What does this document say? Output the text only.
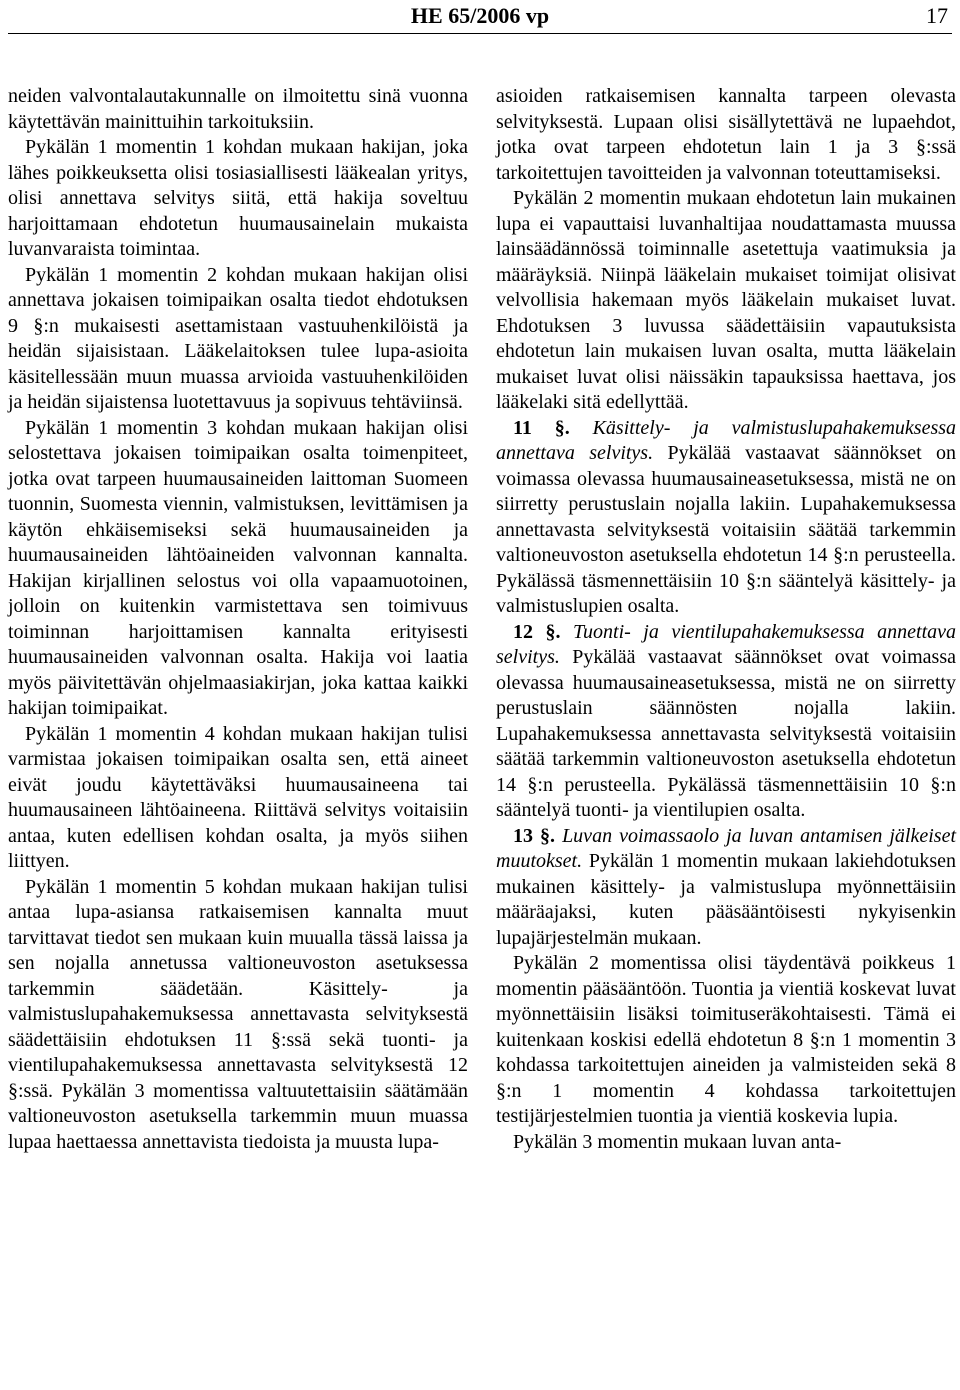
HE 65/2006 vp	17

neiden valvontalautakunnalle on ilmoitettu sinä vuonna käytettävän mainittuihin tarkoituksiin.

Pykälän 1 momentin 1 kohdan mukaan hakijan, joka lähes poikkeuksetta olisi tosiasiallisesti lääkealan yritys, olisi annettava selvitys siitä, että hakija soveltuu harjoittamaan ehdotetun huumausainelain mukaista luvanvaraista toimintaa.

Pykälän 1 momentin 2 kohdan mukaan hakijan olisi annettava jokaisen toimipaikan osalta tiedot ehdotuksen 9 §:n mukaisesti asettamistaan vastuuhenkilöistä ja heidän sijaisistaan. Lääkelaitoksen tulee lupa-asioita käsitellessään muun muassa arvioida vastuuhenkilöiden ja heidän sijaistensa luotettavuus ja sopivuus tehtäviinsä.

Pykälän 1 momentin 3 kohdan mukaan hakijan olisi selostettava jokaisen toimipaikan osalta toimenpiteet, jotka ovat tarpeen huumausaineiden laittoman Suomeen tuonnin, Suomesta viennin, valmistuksen, levittämisen ja käytön ehkäisemiseksi sekä huumausaineiden ja huumausaineiden lähtöaineiden valvonnan kannalta. Hakijan kirjallinen selostus voi olla vapaamuotoinen, jolloin on kuitenkin varmistettava sen toimivuus toiminnan harjoittamisen kannalta erityisesti huumausaineiden valvonnan osalta. Hakija voi laatia myös päivitettävän ohjelmaasiakirjan, joka kattaa kaikki hakijan toimipaikat.

Pykälän 1 momentin 4 kohdan mukaan hakijan tulisi varmistaa jokaisen toimipaikan osalta sen, että aineet eivät joudu käytettäväksi huumausaineena tai huumausaineen lähtöaineena. Riittävä selvitys voitaisiin antaa, kuten edellisen kohdan osalta, ja myös siihen liittyen.

Pykälän 1 momentin 5 kohdan mukaan hakijan tulisi antaa lupa-asiansa ratkaisemisen kannalta muut tarvittavat tiedot sen mukaan kuin muualla tässä laissa ja sen nojalla annetussa valtioneuvoston asetuksessa tarkemmin säädetään. Käsittely- ja valmistuslupahakemuksessa annettavasta selvityksestä säädettäisiin ehdotuksen 11 §:ssä sekä tuonti- ja vientilupahakemuksessa annettavasta selvityksestä 12 §:ssä. Pykälän 3 momentissa valtuutettaisiin säätämään valtioneuvoston asetuksella tarkemmin muun muassa lupaa haettaessa annettavista tiedoista ja muusta lupa-

asioiden ratkaisemisen kannalta tarpeen olevasta selvityksestä. Lupaan olisi sisällytettävä ne lupaehdot, jotka ovat tarpeen ehdotetun lain 1 ja 3 §:ssä tarkoitettujen tavoitteiden ja valvonnan toteuttamiseksi.

Pykälän 2 momentin mukaan ehdotetun lain mukainen lupa ei vapauttaisi luvanhaltijaa noudattamasta muussa lainsäädännössä toiminnalle asetettuja vaatimuksia ja määräyksiä. Niinpä lääkelain mukaiset toimijat olisivat velvollisia hakemaan myös lääkelain mukaiset luvat. Ehdotuksen 3 luvussa säädettäisiin vapautuksista ehdotetun lain mukaisen luvan osalta, mutta lääkelain mukaiset luvat olisi näissäkin tapauksissa haettava, jos lääkelaki sitä edellyttää.

11 §. Käsittely- ja valmistuslupahakemuksessa annettava selvitys. Pykälää vastaavat säännökset on voimassa olevassa huumausaineasetuksessa, mistä ne on siirretty perustuslain nojalla lakiin. Lupahakemuksessa annettavasta selvityksestä voitaisiin säätää tarkemmin valtioneuvoston asetuksella ehdotetun 14 §:n perusteella. Pykälässä täsmennettäisiin 10 §:n sääntelyä käsittely- ja valmistuslupien osalta.

12 §. Tuonti- ja vientilupahakemuksessa annettava selvitys. Pykälää vastaavat säännökset ovat voimassa olevassa huumausaineasetuksessa, mistä ne on siirretty perustuslain säännösten nojalla lakiin. Lupahakemuksessa annettavasta selvityksestä voitaisiin säätää tarkemmin valtioneuvoston asetuksella ehdotetun 14 §:n perusteella. Pykälässä täsmennettäisiin 10 §:n sääntelyä tuonti- ja vientilupien osalta.

13 §. Luvan voimassaolo ja luvan antamisen jälkeiset muutokset. Pykälän 1 momentin mukaan lakiehdotuksen mukainen käsittely- ja valmistuslupa myönnettäisiin määräajaksi, kuten pääsääntöisesti nykyisenkin lupajärjestelmän mukaan.

Pykälän 2 momentissa olisi täydentävä poikkeus 1 momentin pääsääntöön. Tuontia ja vientiä koskevat luvat myönnettäisiin lisäksi toimituseräkohtaisesti. Tämä ei kuitenkaan koskisi edellä ehdotetun 8 §:n 1 momentin 3 kohdassa tarkoitettujen aineiden ja valmisteiden sekä 8 §:n 1 momentin 4 kohdassa tarkoitettujen testijärjestelmien tuontia ja vientiä koskevia lupia.

Pykälän 3 momentin mukaan luvan anta-
